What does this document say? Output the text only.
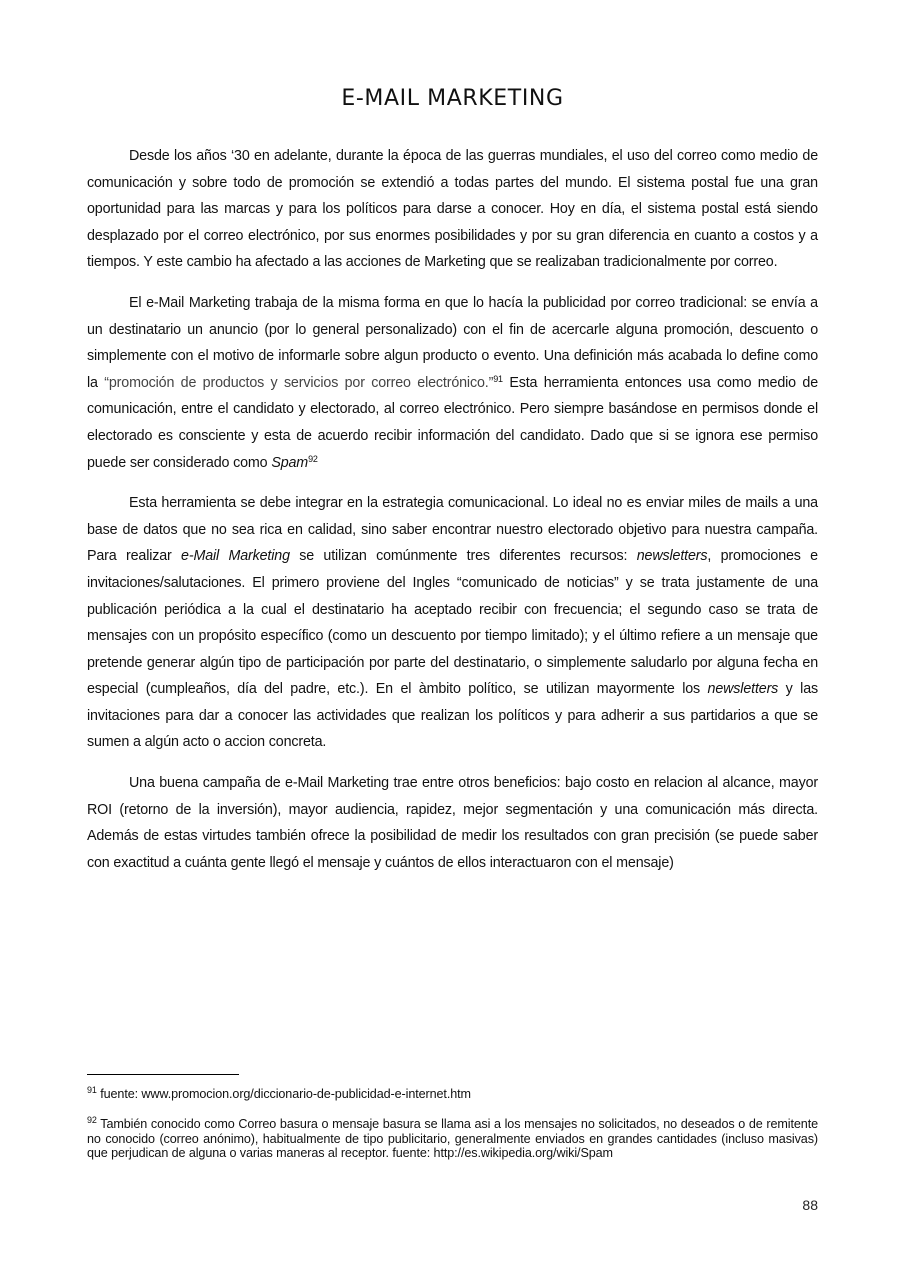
E-MAIL MARKETING

Desde los años ‘30 en adelante, durante la época de las guerras mundiales, el uso del correo como medio de comunicación y sobre todo de promoción se extendió a todas partes del mundo. El sistema postal fue una gran oportunidad para las marcas y para los políticos para darse a conocer. Hoy en día, el sistema postal está siendo desplazado por el correo electrónico, por sus enormes posibilidades y por su gran diferencia en cuanto a costos y a tiempos. Y este cambio ha afectado a las acciones de Marketing que se realizaban tradicionalmente por correo.

El e-Mail Marketing trabaja de la misma forma en que lo hacía la publicidad por correo tradicional: se envía a un destinatario un anuncio (por lo general personalizado) con el fin de acercarle alguna promoción, descuento o simplemente con el motivo de informarle sobre algun producto o evento. Una definición más acabada lo define como la “promoción de productos y servicios por correo electrónico.”$^{91}$ Esta herramienta entonces usa como medio de comunicación, entre el candidato y electorado, al correo electrónico. Pero siempre basándose en permisos donde el electorado es consciente y esta de acuerdo recibir información del candidato. Dado que si se ignora ese permiso puede ser considerado como Spam$^{92}$

Esta herramienta se debe integrar en la estrategia comunicacional. Lo ideal no es enviar miles de mails a una base de datos que no sea rica en calidad, sino saber encontrar nuestro electorado objetivo para nuestra campaña. Para realizar e-Mail Marketing se utilizan comúnmente tres diferentes recursos: newsletters, promociones e invitaciones/salutaciones. El primero proviene del Ingles “comunicado de noticias” y se trata justamente de una publicación periódica a la cual el destinatario ha aceptado recibir con frecuencia; el segundo caso se trata de mensajes con un propósito específico (como un descuento por tiempo limitado); y el último refiere a un mensaje que pretende generar algún tipo de participación por parte del destinatario, o simplemente saludarlo por alguna fecha en especial (cumpleaños, día del padre, etc.). En el àmbito político, se utilizan mayormente los newsletters y las invitaciones para dar a conocer las actividades que realizan los políticos y para adherir a sus partidarios a que se sumen a algún acto o accion concreta.

Una buena campaña de e-Mail Marketing trae entre otros beneficios: bajo costo en relacion al alcance, mayor ROI (retorno de la inversión), mayor audiencia, rapidez, mejor segmentación y una comunicación más directa. Además de estas virtudes también ofrece la posibilidad de medir los resultados con gran precisión (se puede saber con exactitud a cuánta gente llegó el mensaje y cuántos de ellos interactuaron con el mensaje)

$^{91}$ fuente: www.promocion.org/diccionario-de-publicidad-e-internet.htm
$^{92}$ También conocido como Correo basura o mensaje basura se llama asi a los mensajes no solicitados, no deseados o de remitente no conocido (correo anónimo), habitualmente de tipo publicitario, generalmente enviados en grandes cantidades (incluso masivas) que perjudican de alguna o varias maneras al receptor. fuente: http://es.wikipedia.org/wiki/Spam
88
